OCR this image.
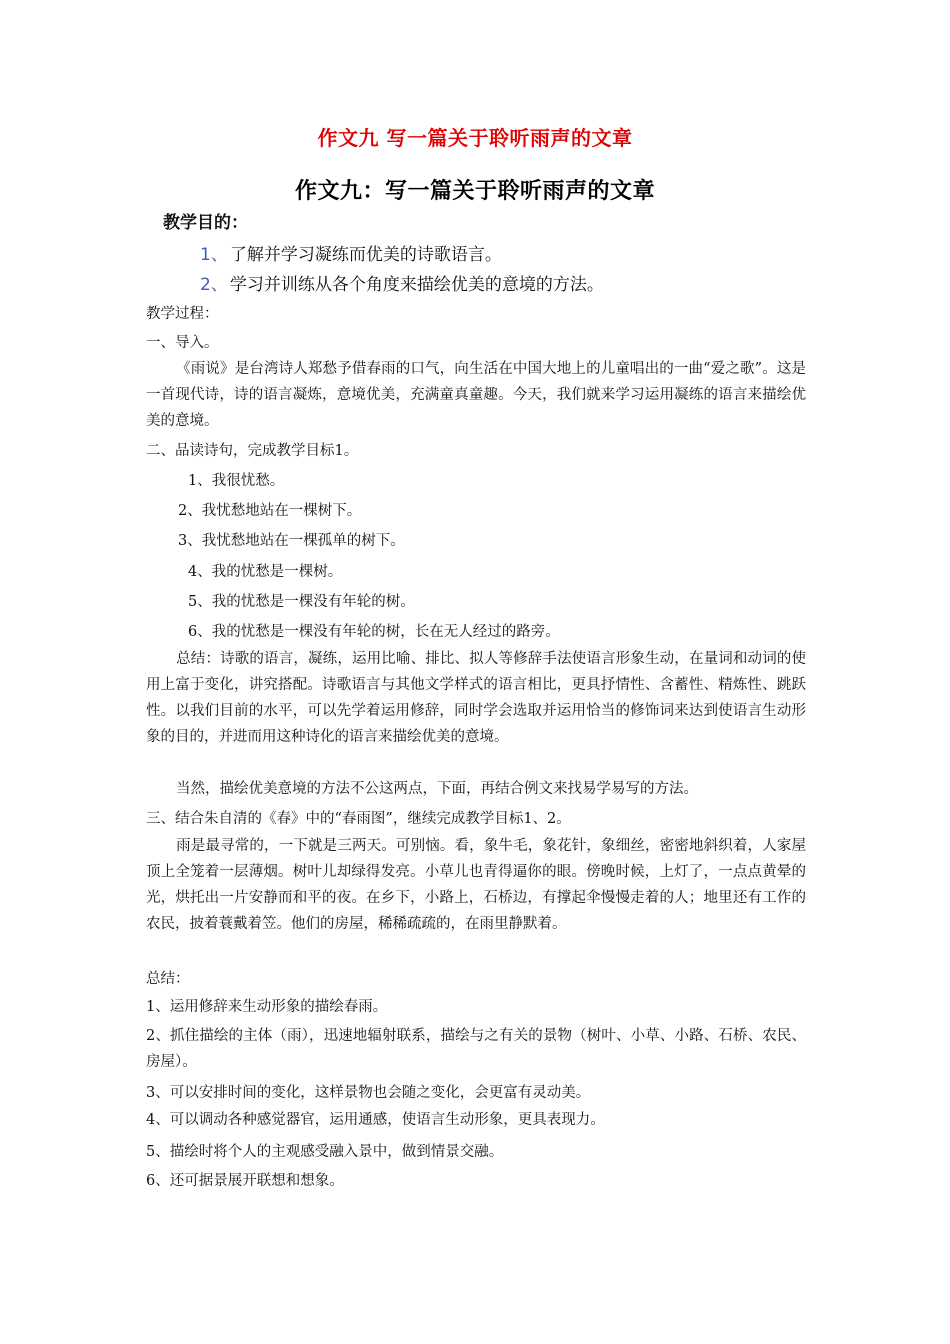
作文九 写一篇关于聆听雨声的文章
作文九：写一篇关于聆听雨声的文章
教学目的：
1、 了解并学习凝练而优美的诗歌语言。
2、 学习并训练从各个角度来描绘优美的意境的方法。
教学过程：
一、导入。
《雨说》是台湾诗人郑愁予借春雨的口气，向生活在中国大地上的儿童唱出的一曲“爱之歌”。这是一首现代诗，诗的语言凝炼，意境优美，充满童真童趣。今天，我们就来学习运用凝练的语言来描绘优美的意境。
二、品读诗句，完成教学目标1。
1、我很忧愁。
2、我忧愁地站在一棵树下。
3、我忧愁地站在一棵孤单的树下。
4、我的忧愁是一棵树。
5、我的忧愁是一棵没有年轮的树。
6、我的忧愁是一棵没有年轮的树，长在无人经过的路旁。
总结：诗歌的语言，凝练，运用比喻、排比、拟人等修辞手法使语言形象生动，在量词和动词的使用上富于变化，讲究搭配。诗歌语言与其他文学样式的语言相比，更具抒情性、含蓄性、精炼性、跳跃性。以我们目前的水平，可以先学着运用修辞，同时学会选取并运用恰当的修饰词来达到使语言生动形象的目的，并进而用这种诗化的语言来描绘优美的意境。
当然，描绘优美意境的方法不公这两点，下面，再结合例文来找易学易写的方法。
三、结合朱自清的《春》中的“春雨图”，继续完成教学目标1、2。
雨是最寻常的，一下就是三两天。可别恼。看，象牛毛，象花针，象细丝，密密地斜织着，人家屋顶上全笼着一层薄烟。树叶儿却绿得发亮。小草儿也青得逼你的眼。傍晚时候，上灯了，一点点黄晕的光，烘托出一片安静而和平的夜。在乡下，小路上，石桥边，有撑起伞慢慢走着的人；地里还有工作的农民，披着蓑戴着笠。他们的房屋，稀稀疏疏的，在雨里静默着。
总结：
1、运用修辞来生动形象的描绘春雨。
2、抓住描绘的主体（雨），迅速地辐射联系，描绘与之有关的景物（树叶、小草、小路、石桥、农民、房屋）。
3、可以安排时间的变化，这样景物也会随之变化，会更富有灵动美。
4、可以调动各种感觉器官，运用通感，使语言生动形象，更具表现力。
5、描绘时将个人的主观感受融入景中，做到情景交融。
6、还可据景展开联想和想象。
